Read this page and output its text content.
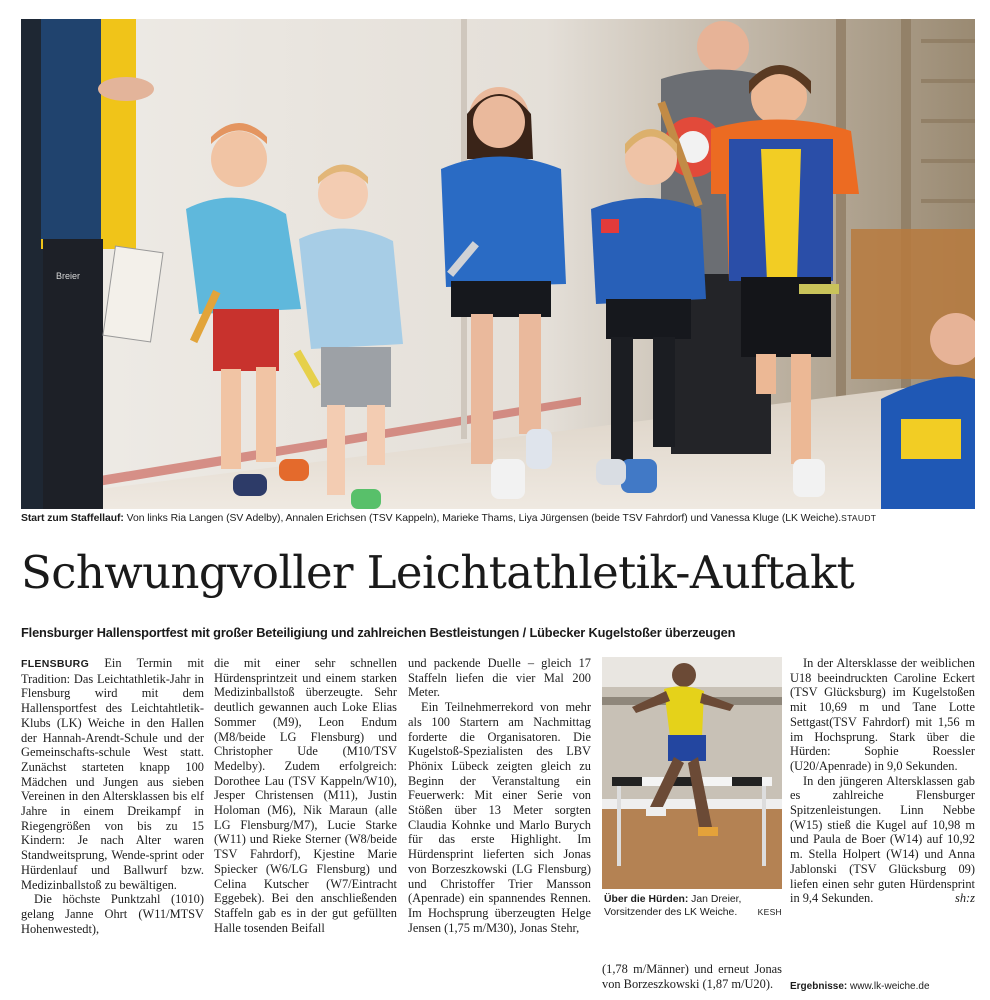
Breier
Start zum Staffellauf: Von links Ria Langen (SV Adelby), Annalen Erichsen (TSV Kappeln), Marieke Thams, Liya Jürgensen (beide TSV Fahrdorf) und Vanessa Kluge (LK Weiche).STAUDT
Schwungvoller Leichtathletik-Auftakt
Flensburger Hallensportfest mit großer Beteiligiung und zahlreichen Bestleistungen / Lübecker Kugelstoßer überzeugen

FLENSBURG Ein Termin mit Tradition: Das Leichtathletik-Jahr in Flensburg wird mit dem Hallensportfest des Leichtahtletik-Klubs (LK) Weiche in den Hallen der Hannah-Arendt-Schule und der Gemeinschafts-schule West statt. Zunächst starteten knapp 100 Mädchen und Jungen aus sieben Vereinen in den Altersklassen bis elf Jahre in einem Dreikampf in Riegengrößen von bis zu 15 Kindern: Je nach Alter waren Standweitsprung, Wende-sprint oder Hürdenlauf und Ballwurf bzw. Medizinballstoß zu bewältigen.

Die höchste Punktzahl (1010) gelang Janne Ohrt (W11/MTSV Hohenwestedt),

die mit einer sehr schnellen Hürdensprintzeit und einem starken Medizinballstoß überzeugte. Sehr deutlich gewannen auch Loke Elias Sommer (M9), Leon Endum (M8/beide LG Flensburg) und Christopher Ude (M10/TSV Medelby). Zudem erfolgreich: Dorothee Lau (TSV Kappeln/W10), Jesper Christensen (M11), Justin Holoman (M6), Nik Maraun (alle LG Flensburg/M7), Lucie Starke (W11) und Rieke Sterner (W8/beide TSV Fahrdorf), Kjestine Marie Spiecker (W6/LG Flensburg) und Celina Kutscher (W7/Eintracht Eggebek). Bei den anschließenden Staffeln gab es in der gut gefüllten Halle tosenden Beifall

und packende Duelle – gleich 17 Staffeln liefen die vier Mal 200 Meter.

Ein Teilnehmerrekord von mehr als 100 Startern am Nachmittag forderte die Organisatoren. Die Kugelstoß-Spezialisten des LBV Phönix Lübeck zeigten gleich zu Beginn der Veranstaltung ein Feuerwerk: Mit einer Serie von Stößen über 13 Meter sorgten Claudia Kohnke und Marlo Burych für das erste Highlight. Im Hürdensprint lieferten sich Jonas von Borzeszkowski (LG Flensburg) und Christoffer Trier Mansson (Apenrade) ein spannendes Rennen. Im Hochsprung überzeugten Helge Jensen (1,75 m/M30), Jonas Stehr,

Über die Hürden: Jan Dreier, Vorsitzender des LK Weiche. KESH

(1,78 m/Männer) und erneut Jonas von Borzeszkowski (1,87 m/U20).

In der Altersklasse der weiblichen U18 beeindruckten Caroline Eckert (TSV Glücksburg) im Kugelstoßen mit 10,69 m und Tane Lotte Settgast(TSV Fahrdorf) mit 1,56 m im Hochsprung. Stark über die Hürden: Sophie Roessler (U20/Apenrade) in 9,0 Sekunden.

In den jüngeren Altersklassen gab es zahlreiche Flensburger Spitzenleistungen. Linn Nebbe (W15) stieß die Kugel auf 10,98 m und Paula de Boer (W14) auf 10,92 m. Stella Holpert (W14) und Anna Jablonski (TSV Glücksburg 09) liefen einen sehr guten Hürdensprint in 9,4 Sekunden.	sh:z

Ergebnisse: www.lk-weiche.de
